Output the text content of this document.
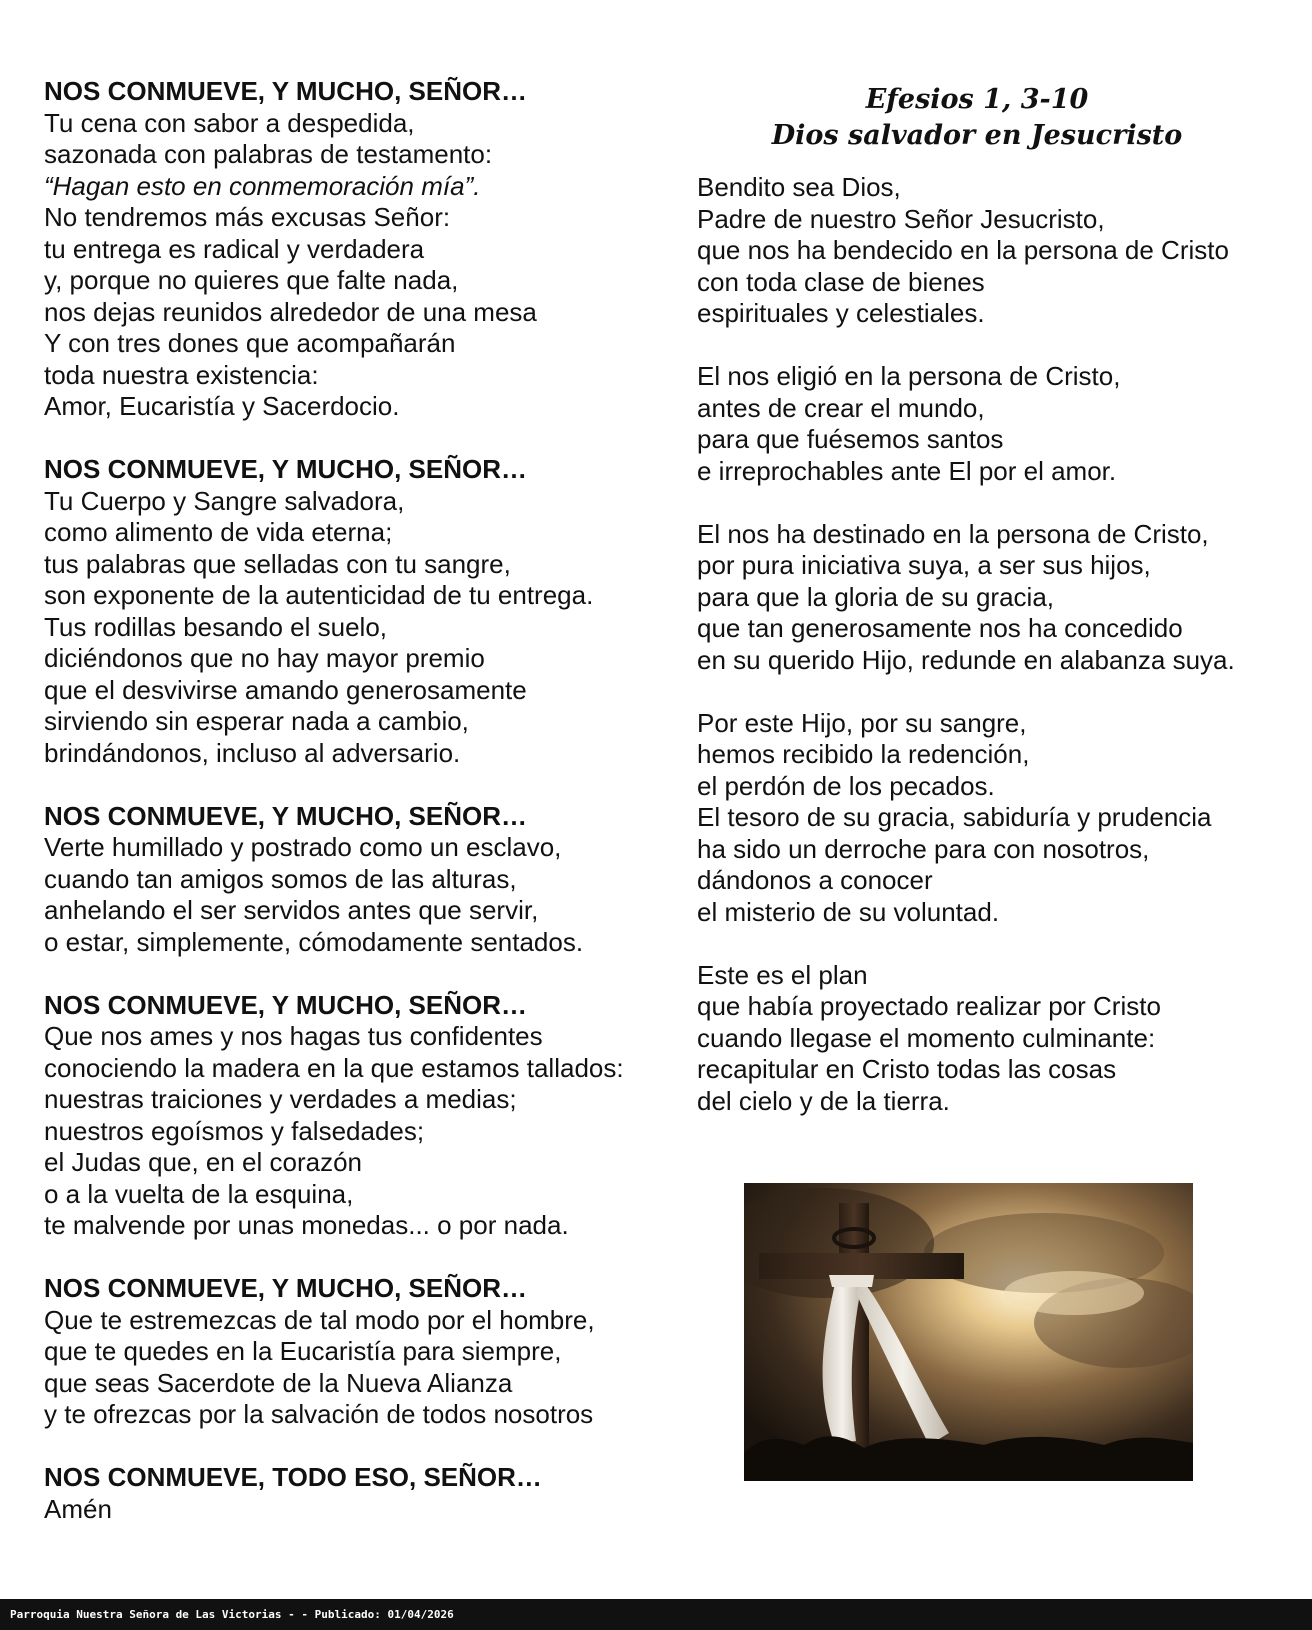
NOS CONMUEVE, Y MUCHO, SEÑOR…
Tu cena con sabor a despedida,
sazonada con palabras de testamento:
“Hagan esto en conmemoración mía”.
No tendremos más excusas Señor:
tu entrega es radical y verdadera
y, porque no quieres que falte nada,
nos dejas reunidos alrededor de una mesa
Y con tres dones que acompañarán
toda nuestra existencia:
Amor, Eucaristía y Sacerdocio.
NOS CONMUEVE, Y MUCHO, SEÑOR…
Tu Cuerpo y Sangre salvadora,
como alimento de vida eterna;
tus palabras que selladas con tu sangre,
son exponente de la autenticidad de tu entrega.
Tus rodillas besando el suelo,
diciéndonos que no hay mayor premio
que el desvivirse amando generosamente
sirviendo sin esperar nada a cambio,
brindándonos, incluso al adversario.
NOS CONMUEVE, Y MUCHO, SEÑOR…
Verte humillado y postrado como un esclavo,
cuando tan amigos somos de las alturas,
anhelando el ser servidos antes que servir,
o estar, simplemente, cómodamente sentados.
NOS CONMUEVE, Y MUCHO, SEÑOR…
Que nos ames y nos hagas tus confidentes
conociendo la madera en la que estamos tallados:
nuestras traiciones y verdades a medias;
nuestros egoísmos y falsedades;
el Judas que, en el corazón
o a la vuelta de la esquina,
te malvende por unas monedas... o por nada.
NOS CONMUEVE, Y MUCHO, SEÑOR…
Que te estremezcas de tal modo por el hombre,
que te quedes en la Eucaristía para siempre,
que seas Sacerdote de la Nueva Alianza
y te ofrezcas por la salvación de todos nosotros
NOS CONMUEVE, TODO ESO, SEÑOR…
Amén
Efesios 1, 3-10
Dios salvador en Jesucristo
Bendito sea Dios,
Padre de nuestro Señor Jesucristo,
que nos ha bendecido en la persona de Cristo
con toda clase de bienes
espirituales y celestiales.
El nos eligió en la persona de Cristo,
antes de crear el mundo,
para que fuésemos santos
e irreprochables ante El por el amor.
El nos ha destinado en la persona de Cristo,
por pura iniciativa suya, a ser sus hijos,
para que la gloria de su gracia,
que tan generosamente nos ha concedido
en su querido Hijo, redunde en alabanza suya.
Por este Hijo, por su sangre,
hemos recibido la redención,
el perdón de los pecados.
El tesoro de su gracia, sabiduría y prudencia
ha sido un derroche para con nosotros,
dándonos a conocer
el misterio de su voluntad.
Este es el plan
que había proyectado realizar por Cristo
cuando llegase el momento culminante:
recapitular en Cristo todas las cosas
del cielo y de la tierra.
Parroquia Nuestra Señora de Las Victorias - - Publicado: 01/04/2026
